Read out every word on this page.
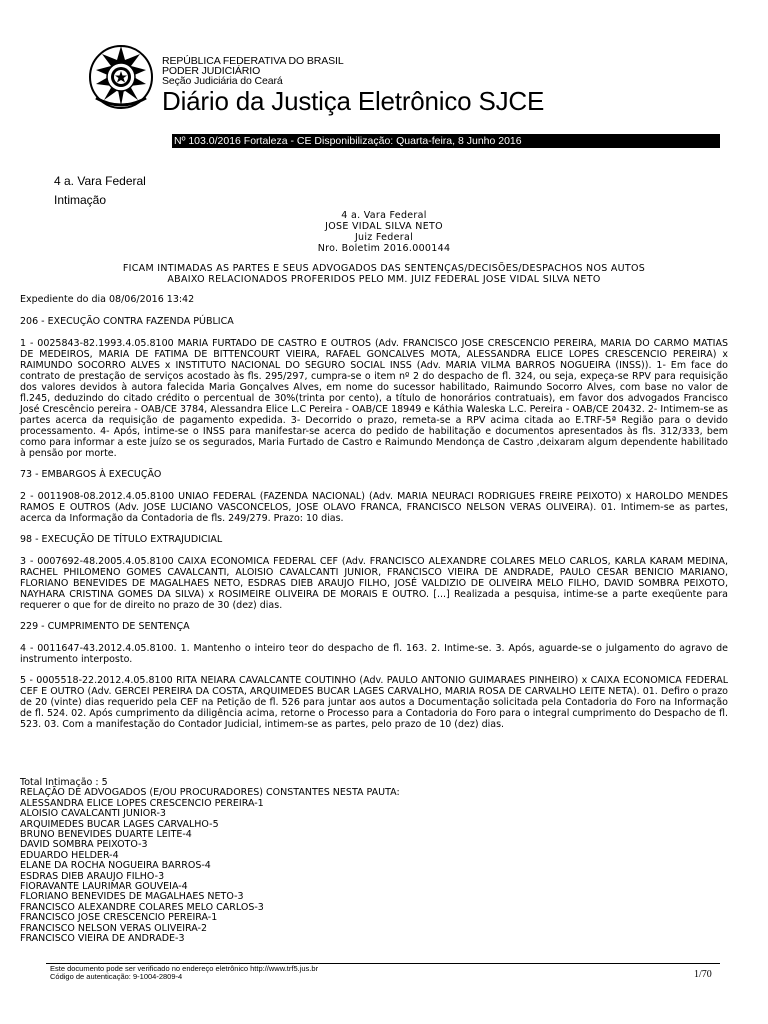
REPÚBLICA FEDERATIVA DO BRASIL
PODER JUDICIÁRIO
Seção Judiciária do Ceará
Diário da Justiça Eletrônico SJCE
Nº 103.0/2016 Fortaleza - CE Disponibilização: Quarta-feira, 8 Junho 2016
4 a. Vara Federal
Intimação
4 a. Vara Federal
JOSE VIDAL SILVA NETO
Juiz Federal
Nro. Boletim 2016.000144
FICAM INTIMADAS AS PARTES E SEUS ADVOGADOS DAS SENTENÇAS/DECISÕES/DESPACHOS NOS AUTOS
ABAIXO RELACIONADOS PROFERIDOS PELO MM. JUIZ FEDERAL JOSE VIDAL SILVA NETO

Expediente do dia 08/06/2016 13:42

206 - EXECUÇÃO CONTRA FAZENDA PÚBLICA

1 - 0025843-82.1993.4.05.8100 MARIA FURTADO DE CASTRO E OUTROS (Adv. FRANCISCO JOSE CRESCENCIO PEREIRA, MARIA DO CARMO MATIAS DE MEDEIROS, MARIA DE FATIMA DE BITTENCOURT VIEIRA, RAFAEL GONCALVES MOTA, ALESSANDRA ELICE LOPES CRESCENCIO PEREIRA) x RAIMUNDO SOCORRO ALVES x INSTITUTO NACIONAL DO SEGURO SOCIAL INSS (Adv. MARIA VILMA BARROS NOGUEIRA (INSS)). 1- Em face do contrato de prestação de serviços acostado às fls. 295/297, cumpra-se o item nº 2 do despacho de fl. 324, ou seja, expeça-se RPV para requisição dos valores devidos à autora falecida Maria Gonçalves Alves, em nome do sucessor habilitado, Raimundo Socorro Alves, com base no valor de fl.245, deduzindo do citado crédito o percentual de 30%(trinta por cento), a título de honorários contratuais), em favor dos advogados Francisco José Crescêncio pereira - OAB/CE 3784, Alessandra Elice L.C Pereira - OAB/CE 18949 e Káthia Waleska L.C. Pereira - OAB/CE 20432. 2- Intimem-se as partes acerca da requisição de pagamento expedida. 3- Decorrido o prazo, remeta-se a RPV acima citada ao E.TRF-5ª Região para o devido processamento. 4- Após, intime-se o INSS para manifestar-se acerca do pedido de habilitação e documentos apresentados às fls. 312/333, bem como para informar a este juízo se os segurados, Maria Furtado de Castro e Raimundo Mendonça de Castro ,deixaram algum dependente habilitado à pensão por morte.

73 - EMBARGOS À EXECUÇÃO

2 - 0011908-08.2012.4.05.8100 UNIAO FEDERAL (FAZENDA NACIONAL) (Adv. MARIA NEURACI RODRIGUES FREIRE PEIXOTO) x HAROLDO MENDES RAMOS E OUTROS (Adv. JOSE LUCIANO VASCONCELOS, JOSE OLAVO FRANCA, FRANCISCO NELSON VERAS OLIVEIRA). 01. Intimem-se as partes, acerca da Informação da Contadoria de fls. 249/279. Prazo: 10 dias.

98 - EXECUÇÃO DE TÍTULO EXTRAJUDICIAL

3 - 0007692-48.2005.4.05.8100 CAIXA ECONOMICA FEDERAL CEF (Adv. FRANCISCO ALEXANDRE COLARES MELO CARLOS, KARLA KARAM MEDINA, RACHEL PHILOMENO GOMES CAVALCANTI, ALOISIO CAVALCANTI JUNIOR, FRANCISCO VIEIRA DE ANDRADE, PAULO CESAR BENICIO MARIANO, FLORIANO BENEVIDES DE MAGALHAES NETO, ESDRAS DIEB ARAUJO FILHO, JOSÉ VALDIZIO DE OLIVEIRA MELO FILHO, DAVID SOMBRA PEIXOTO, NAYHARA CRISTINA GOMES DA SILVA) x ROSIMEIRE OLIVEIRA DE MORAIS E OUTRO. [...] Realizada a pesquisa, intime-se a parte exeqüente para requerer o que for de direito no prazo de 30 (dez) dias.

229 - CUMPRIMENTO DE SENTENÇA

4 - 0011647-43.2012.4.05.8100. 1. Mantenho o inteiro teor do despacho de fl. 163. 2. Intime-se. 3. Após, aguarde-se o julgamento do agravo de instrumento interposto.

5 - 0005518-22.2012.4.05.8100 RITA NEIARA CAVALCANTE COUTINHO (Adv. PAULO ANTONIO GUIMARAES PINHEIRO) x CAIXA ECONOMICA FEDERAL CEF E OUTRO (Adv. GERCEI PEREIRA DA COSTA, ARQUIMEDES BUCAR LAGES CARVALHO, MARIA ROSA DE CARVALHO LEITE NETA). 01. Defiro o prazo de 20 (vinte) dias requerido pela CEF na Petição de fl. 526 para juntar aos autos a Documentação solicitada pela Contadoria do Foro na Informação de fl. 524. 02. Após cumprimento da diligência acima, retorne o Processo para a Contadoria do Foro para o integral cumprimento do Despacho de fl. 523. 03. Com a manifestação do Contador Judicial, intimem-se as partes, pelo prazo de 10 (dez) dias.

Total Intimação : 5
RELAÇÃO DE ADVOGADOS (E/OU PROCURADORES) CONSTANTES NESTA PAUTA:
ALESSANDRA ELICE LOPES CRESCENCIO PEREIRA-1
ALOISIO CAVALCANTI JUNIOR-3
ARQUIMEDES BUCAR LAGES CARVALHO-5
BRUNO BENEVIDES DUARTE LEITE-4
DAVID SOMBRA PEIXOTO-3
EDUARDO HELDER-4
ELANE DA ROCHA NOGUEIRA BARROS-4
ESDRAS DIEB ARAUJO FILHO-3
FIORAVANTE LAURIMAR GOUVEIA-4
FLORIANO BENEVIDES DE MAGALHAES NETO-3
FRANCISCO ALEXANDRE COLARES MELO CARLOS-3
FRANCISCO JOSE CRESCENCIO PEREIRA-1
FRANCISCO NELSON VERAS OLIVEIRA-2
FRANCISCO VIEIRA DE ANDRADE-3
Este documento pode ser verificado no endereço eletrônico http://www.trf5.jus.br
Código de autenticação: 9-1004-2809-4	1/70
